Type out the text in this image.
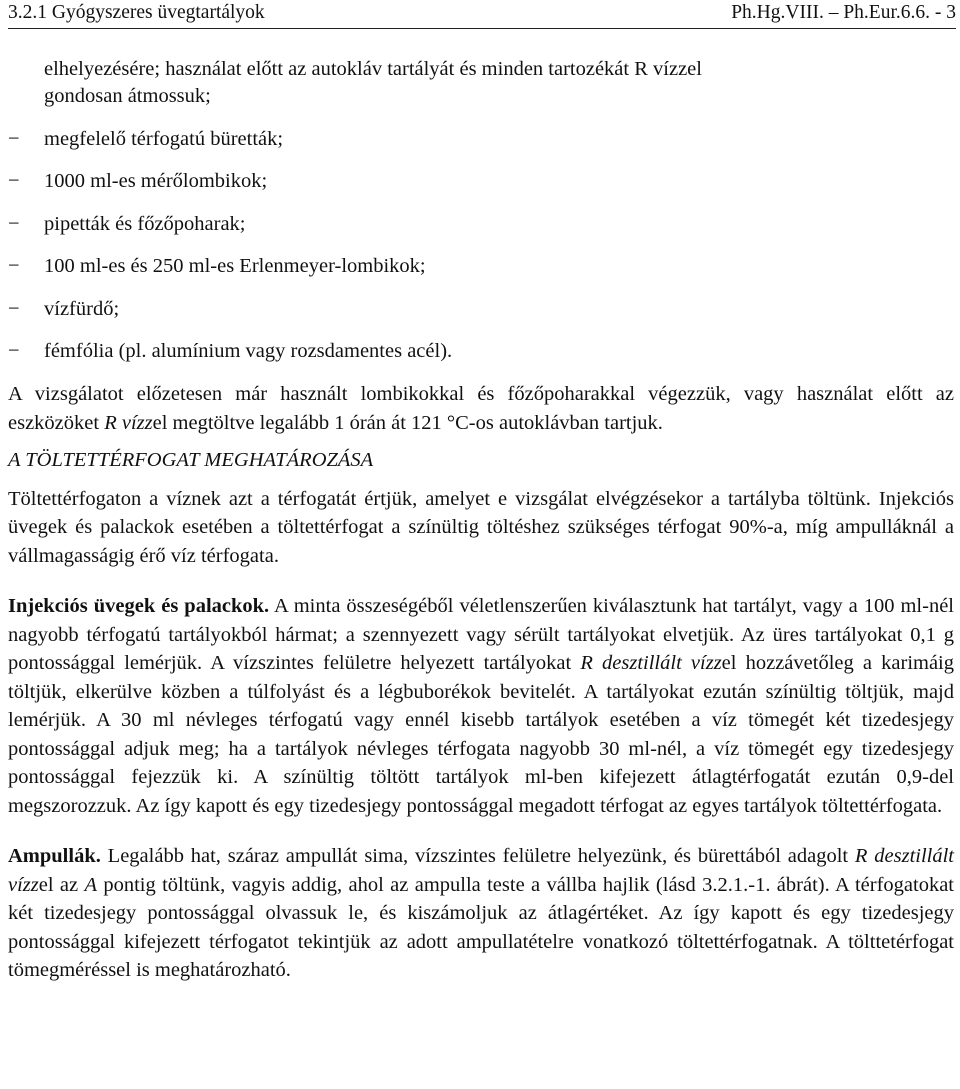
3.2.1 Gyógyszeres üvegtartályok	Ph.Hg.VIII. – Ph.Eur.6.6. - 3
elhelyezésére; használat előtt az autokláv tartályát és minden tartozékát R vízzel
gondosan átmossuk;
− megfelelő térfogatú büretták;
− 1000 ml-es mérőlombikok;
− pipetták és főzőpoharak;
− 100 ml-es és 250 ml-es Erlenmeyer-lombikok;
− vízfürdő;
− fémfólia (pl. alumínium vagy rozsdamentes acél).

A vizsgálatot előzetesen már használt lombikokkal és főzőpoharakkal végezzük, vagy használat előtt az eszközöket R vízzel megtöltve legalább 1 órán át 121 °C-os autoklávban tartjuk.

A TÖLTETTÉRFOGAT MEGHATÁROZÁSA

Töltettérfogaton a víznek azt a térfogatát értjük, amelyet e vizsgálat elvégzésekor a tartályba töltünk. Injekciós üvegek és palackok esetében a töltettérfogat a színültig töltéshez szükséges térfogat 90%-a, míg ampulláknál a vállmagasságig érő víz térfogata.

Injekciós üvegek és palackok. A minta összeségéből véletlenszerűen kiválasztunk hat tartályt, vagy a 100 ml-nél nagyobb térfogatú tartályokból hármat; a szennyezett vagy sérült tartályokat elvetjük. Az üres tartályokat 0,1 g pontossággal lemérjük. A vízszintes felületre helyezett tartályokat R desztillált vízzel hozzávetőleg a karimáig töltjük, elkerülve közben a túlfolyást és a légbuborékok bevitelét. A tartályokat ezután színültig töltjük, majd lemérjük. A 30 ml névleges térfogatú vagy ennél kisebb tartályok esetében a víz tömegét két tizedesjegy pontossággal adjuk meg; ha a tartályok névleges térfogata nagyobb 30 ml-nél, a víz tömegét egy tizedesjegy pontossággal fejezzük ki. A színültig töltött tartályok ml-ben kifejezett átlagtérfogatát ezután 0,9-del megszorozzuk. Az így kapott és egy tizedesjegy pontossággal megadott térfogat az egyes tartályok töltettérfogata.

Ampullák. Legalább hat, száraz ampullát sima, vízszintes felületre helyezünk, és bürettából adagolt R desztillált vízzel az A pontig töltünk, vagyis addig, ahol az ampulla teste a vállba hajlik (lásd 3.2.1.-1. ábrát). A térfogatokat két tizedesjegy pontossággal olvassuk le, és kiszámoljuk az átlagértéket. Az így kapott és egy tizedesjegy pontossággal kifejezett térfogatot tekintjük az adott ampullatételre vonatkozó töltettérfogatnak. A tölttetérfogat tömegméréssel is meghatározható.
